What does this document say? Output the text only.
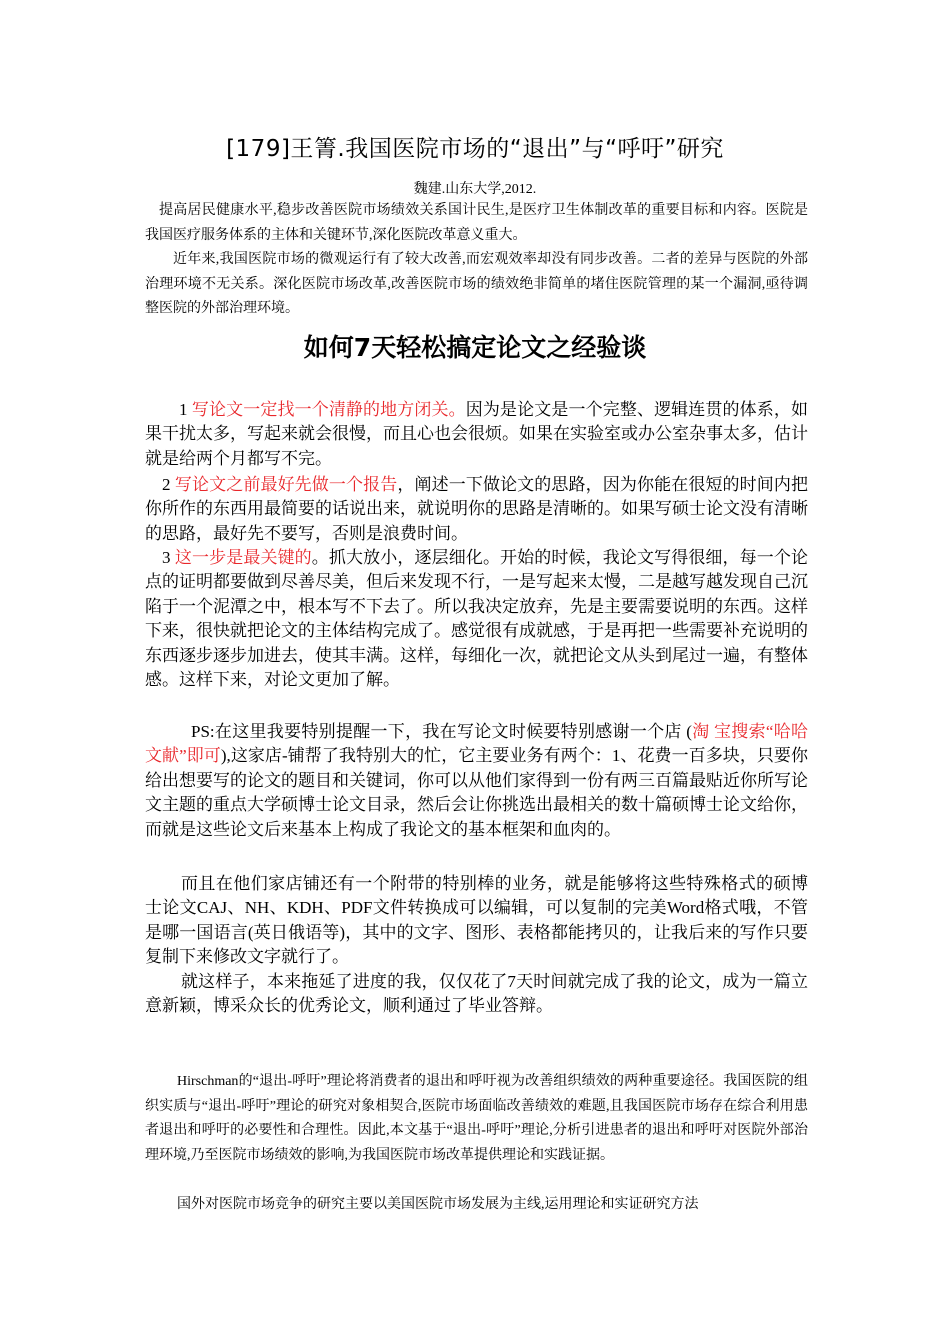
[179]王箐.我国医院市场的“退出”与“呼吁”研究
魏建.山东大学,2012.

提高居民健康水平,稳步改善医院市场绩效关系国计民生,是医疗卫生体制改革的重要目标和内容。医院是我国医疗服务体系的主体和关键环节,深化医院改革意义重大。

近年来,我国医院市场的微观运行有了较大改善,而宏观效率却没有同步改善。二者的差异与医院的外部治理环境不无关系。深化医院市场改革,改善医院市场的绩效绝非简单的堵住医院管理的某一个漏洞,亟待调整医院的外部治理环境。

如何7天轻松搞定论文之经验谈

1 写论文一定找一个清静的地方闭关。因为是论文是一个完整、逻辑连贯的体系，如果干扰太多，写起来就会很慢，而且心也会很烦。如果在实验室或办公室杂事太多，估计就是给两个月都写不完。

2 写论文之前最好先做一个报告，阐述一下做论文的思路，因为你能在很短的时间内把你所作的东西用最简要的话说出来，就说明你的思路是清晰的。如果写硕士论文没有清晰的思路，最好先不要写，否则是浪费时间。

3 这一步是最关键的。抓大放小，逐层细化。开始的时候，我论文写得很细，每一个论点的证明都要做到尽善尽美，但后来发现不行，一是写起来太慢，二是越写越发现自己沉陷于一个泥潭之中，根本写不下去了。所以我决定放弃，先是主要需要说明的东西。这样下来，很快就把论文的主体结构完成了。感觉很有成就感，于是再把一些需要补充说明的东西逐步逐步加进去，使其丰满。这样，每细化一次，就把论文从头到尾过一遍，有整体感。这样下来，对论文更加了解。

PS:在这里我要特别提醒一下，我在写论文时候要特别感谢一个店 (淘 宝搜索“哈哈文献”即可),这家店-铺帮了我特别大的忙，它主要业务有两个：1、花费一百多块，只要你给出想要写的论文的题目和关键词，你可以从他们家得到一份有两三百篇最贴近你所写论文主题的重点大学硕博士论文目录，然后会让你挑选出最相关的数十篇硕博士论文给你，而就是这些论文后来基本上构成了我论文的基本框架和血肉的。

而且在他们家店铺还有一个附带的特别棒的业务，就是能够将这些特殊格式的硕博士论文CAJ、NH、KDH、PDF文件转换成可以编辑，可以复制的完美Word格式哦，不管是哪一国语言(英日俄语等)，其中的文字、图形、表格都能拷贝的，让我后来的写作只要复制下来修改文字就行了。

就这样子，本来拖延了进度的我，仅仅花了7天时间就完成了我的论文，成为一篇立意新颖，博采众长的优秀论文，顺利通过了毕业答辩。

Hirschman的“退出-呼吁”理论将消费者的退出和呼吁视为改善组织绩效的两种重要途径。我国医院的组织实质与“退出-呼吁”理论的研究对象相契合,医院市场面临改善绩效的难题,且我国医院市场存在综合利用患者退出和呼吁的必要性和合理性。因此,本文基于“退出-呼吁”理论,分析引进患者的退出和呼吁对医院外部治理环境,乃至医院市场绩效的影响,为我国医院市场改革提供理论和实践证据。

国外对医院市场竞争的研究主要以美国医院市场发展为主线,运用理论和实证研究方法
